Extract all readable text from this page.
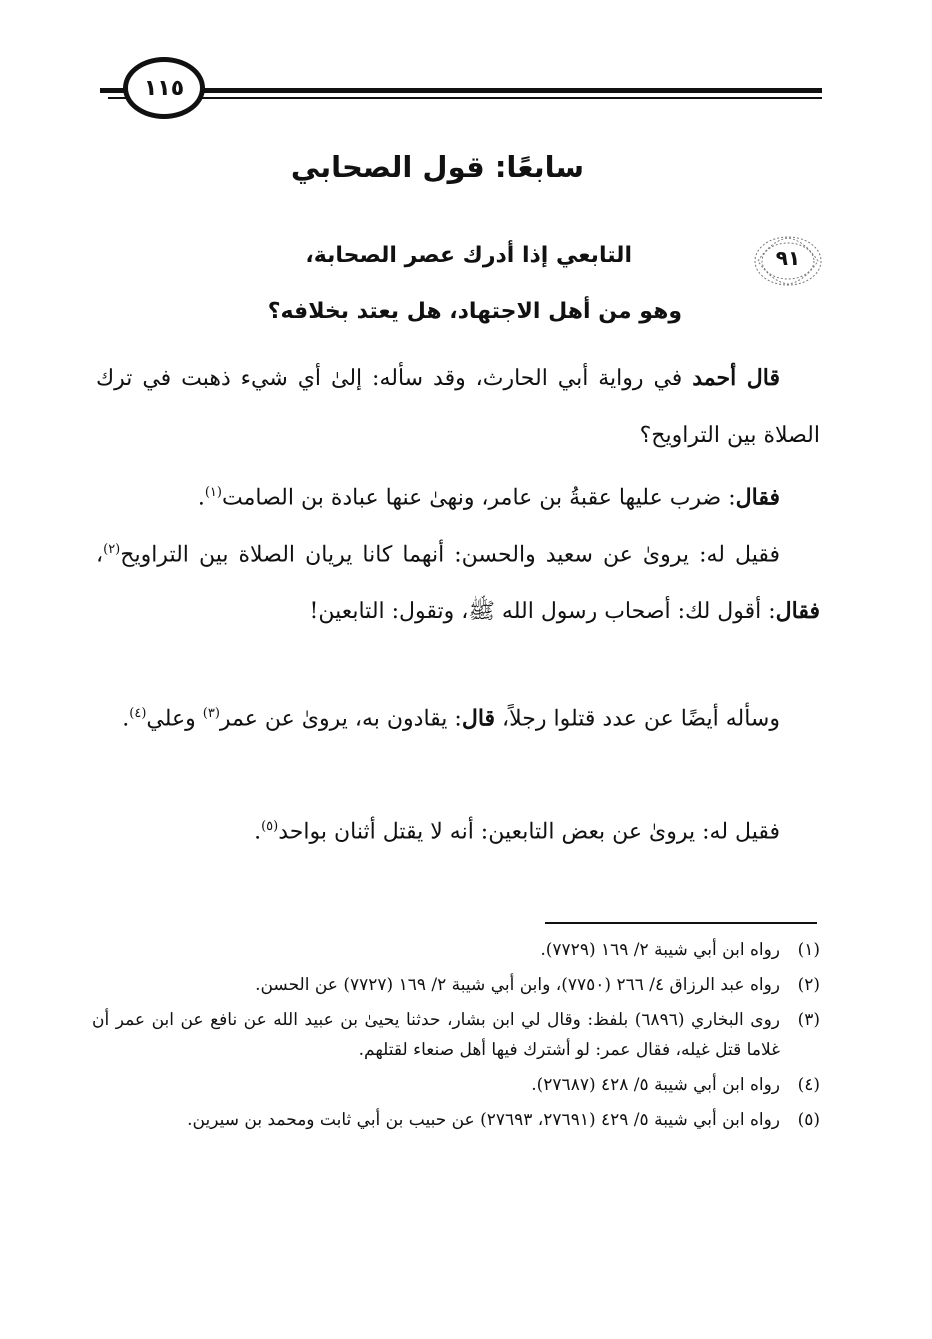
١١٥
سابعًا: قول الصحابي
٩١
التابعي إذا أدرك عصر الصحابة،
وهو من أهل الاجتهاد، هل يعتد بخلافه؟
قال أحمد في رواية أبي الحارث، وقد سأله: إلىٰ أي شيء ذهبت في ترك الصلاة بين التراويح؟
فقال: ضرب عليها عقبةُ بن عامر، ونهىٰ عنها عبادة بن الصامت$^{(١)}$.
فقيل له: يروىٰ عن سعيد والحسن: أنهما كانا يريان الصلاة بين التراويح$^{(٢)}$، فقال: أقول لك: أصحاب رسول الله ﷺ، وتقول: التابعين!
وسأله أيضًا عن عدد قتلوا رجلاً، قال: يقادون به، يروىٰ عن عمر$^{(٣)}$ وعلي$^{(٤)}$.
فقيل له: يروىٰ عن بعض التابعين: أنه لا يقتل أثنان بواحد$^{(٥)}$.
(١)
رواه ابن أبي شيبة ٢/ ١٦٩ (٧٧٢٩).
(٢)
رواه عبد الرزاق ٤/ ٢٦٦ (٧٧٥٠)، وابن أبي شيبة ٢/ ١٦٩ (٧٧٢٧) عن الحسن.
(٣)
روى البخاري (٦٨٩٦) بلفظ: وقال لي ابن بشار، حدثنا يحيىٰ بن عبيد الله عن نافع عن ابن عمر أن غلاما قتل غيله، فقال عمر: لو أشترك فيها أهل صنعاء لقتلهم.
(٤)
رواه ابن أبي شيبة ٥/ ٤٢٨ (٢٧٦٨٧).
(٥)
رواه ابن أبي شيبة ٥/ ٤٢٩ (٢٧٦٩١، ٢٧٦٩٣) عن حبيب بن أبي ثابت ومحمد بن سيرين.
